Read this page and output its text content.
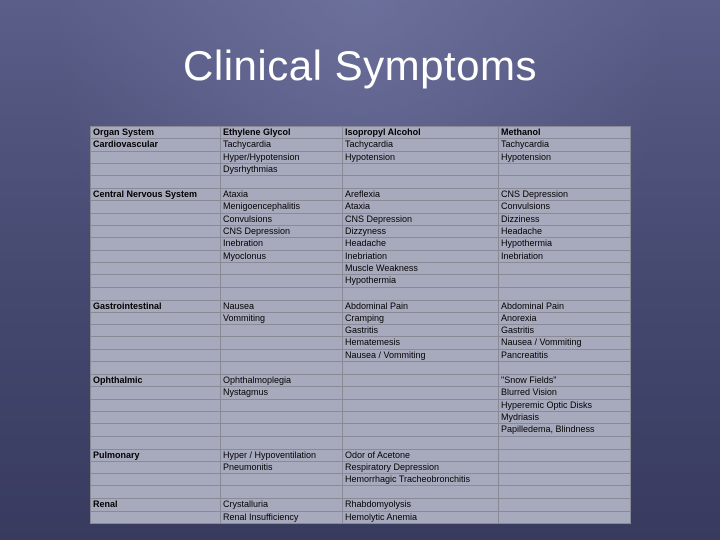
Clinical Symptoms
Organ System	Ethylene Glycol	Isopropyl Alcohol	Methanol
Cardiovascular	Tachycardia	Tachycardia	Tachycardia
	Hyper/Hypotension	Hypotension	Hypotension
	Dysrhythmias		

Central Nervous System	Ataxia	Areflexia	CNS Depression
	Menigoencephalitis	Ataxia	Convulsions
	Convulsions	CNS Depression	Dizziness
	CNS Depression	Dizzyness	Headache
	Inebration	Headache	Hypothermia
	Myoclonus	Inebriation	Inebriation
		Muscle Weakness	
		Hypothermia	

Gastrointestinal	Nausea	Abdominal Pain	Abdominal Pain
	Vommiting	Cramping	Anorexia
		Gastritis	Gastritis
		Hematemesis	Nausea / Vommiting
		Nausea / Vommiting	Pancreatitis

Ophthalmic	Ophthalmoplegia		"Snow Fields"
	Nystagmus		Blurred Vision
			Hyperemic Optic Disks
			Mydriasis
			Papilledema, Blindness

Pulmonary	Hyper / Hypoventilation	Odor of Acetone	
	Pneumonitis	Respiratory Depression	
		Hemorrhagic Tracheobronchitis	

Renal	Crystalluria	Rhabdomyolysis	
	Renal Insufficiency	Hemolytic Anemia	
